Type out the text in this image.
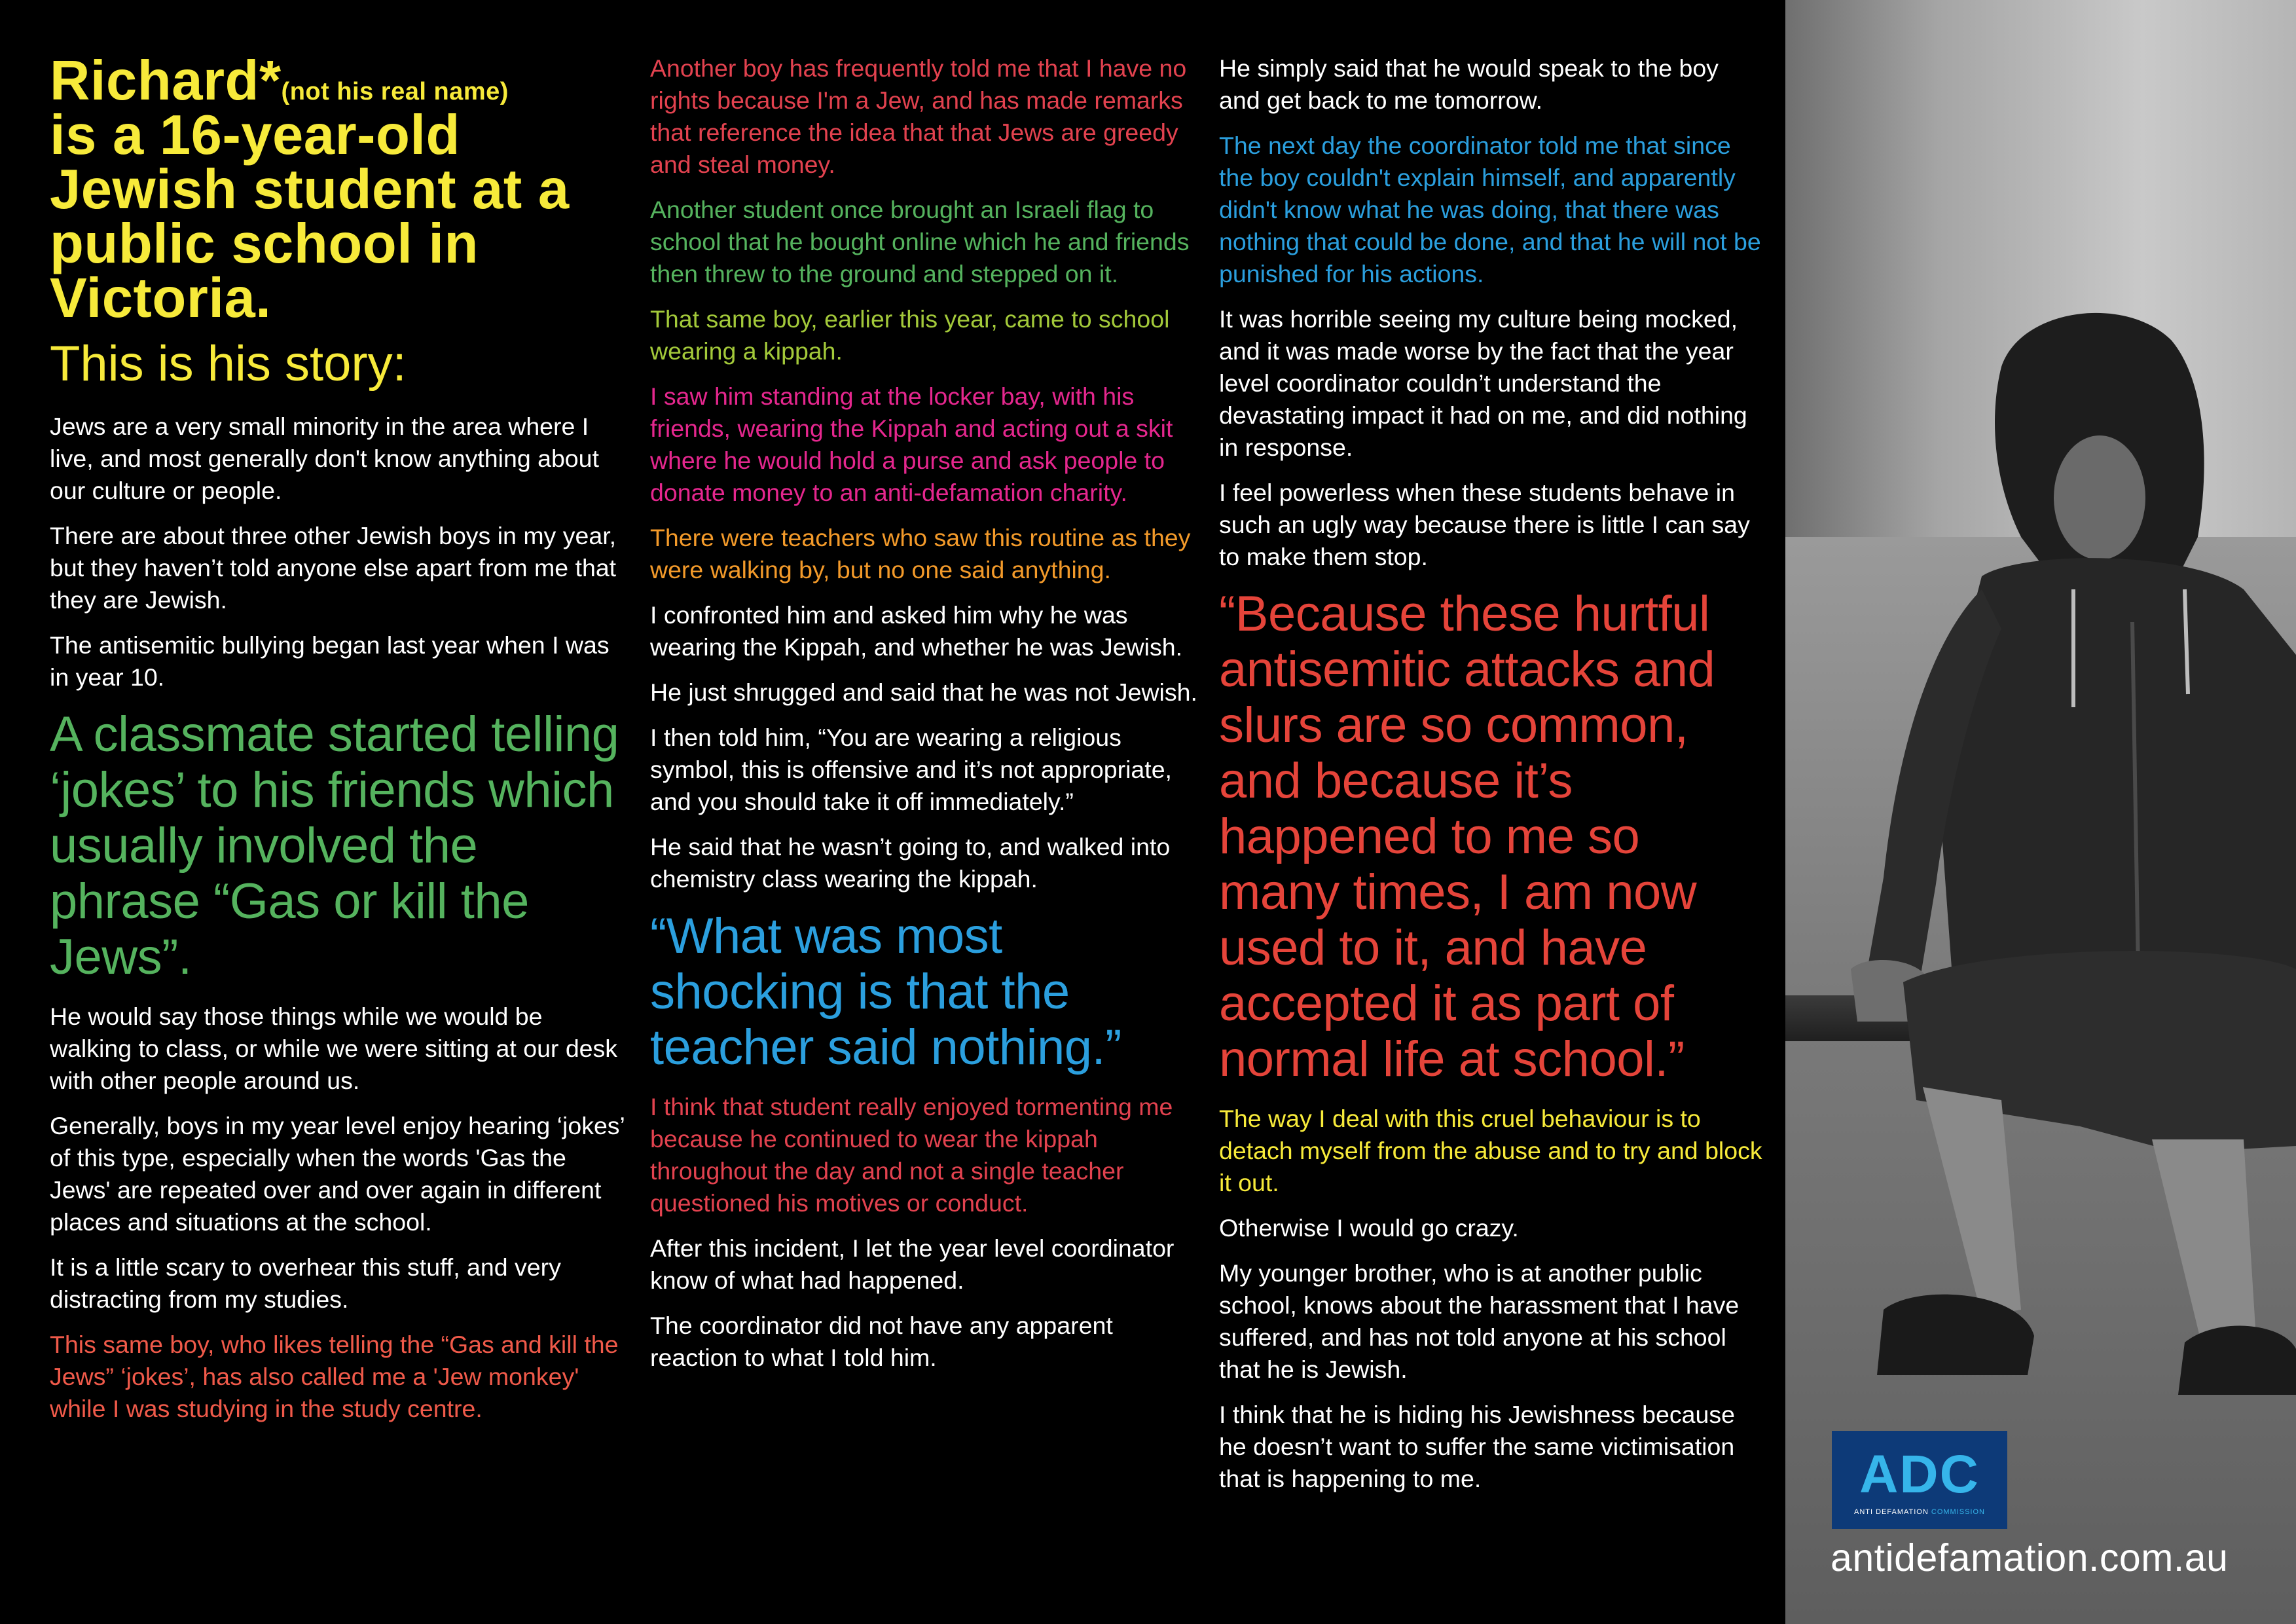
Richard*(not his real name)
is a 16-year-old Jewish student at a public school in Victoria.
This is his story:

Jews are a very small minority in the area where I live, and most generally don't know anything about our culture or people.

There are about three other Jewish boys in my year, but they haven’t told anyone else apart from me that they are Jewish.

The antisemitic bullying began last year when I was in year 10.

A classmate started telling ‘jokes’ to his friends which usually involved the phrase “Gas or kill the Jews”.

He would say those things while we would be walking to class, or while we were sitting at our desk with other people around us.

Generally, boys in my year level enjoy hearing ‘jokes’ of this type, especially when the words 'Gas the Jews' are repeated over and over again in different places and situations at the school.

It is a little scary to overhear this stuff, and very distracting from my studies.

This same boy, who likes telling the “Gas and kill the Jews” ‘jokes’, has also called me a 'Jew monkey' while I was studying in the study centre.

Another boy has frequently told me that I have no rights because I'm a Jew, and has made remarks that reference the idea that that Jews are greedy and steal money.

Another student once brought an Israeli flag to school that he bought online which he and friends then threw to the ground and stepped on it.

That same boy, earlier this year, came to school wearing a kippah.

I saw him standing at the locker bay, with his friends, wearing the Kippah and acting out a skit where he would hold a purse and ask people to donate money to an anti-defamation charity.

There were teachers who saw this routine as they were walking by, but no one said anything.

I confronted him and asked him why he was wearing the Kippah, and whether he was Jewish.

He just shrugged and said that he was not Jewish.

I then told him, “You are wearing a religious symbol, this is offensive and it’s not appropriate, and you should take it off immediately.”

He said that he wasn’t going to, and walked into chemistry class wearing the kippah.

“What was most shocking is that the teacher said nothing.”

I think that student really enjoyed tormenting me because he continued to wear the kippah throughout the day and not a single teacher questioned his motives or conduct.

After this incident, I let the year level coordinator know of what had happened.

The coordinator did not have any apparent reaction to what I told him.

He simply said that he would speak to the boy and get back to me tomorrow.

The next day the coordinator told me that since the boy couldn't explain himself, and apparently didn't know what he was doing, that there was nothing that could be done, and that he will not be punished for his actions.

It was horrible seeing my culture being mocked, and it was made worse by the fact that the year level coordinator couldn’t understand the devastating impact it had on me, and did nothing in response.

I feel powerless when these students behave in such an ugly way because there is little I can say to make them stop.

“Because these hurtful antisemitic attacks and slurs are so common, and because it’s happened to me so many times, I am now used to it, and have accepted it as part of normal life at school.”

The way I deal with this cruel behaviour is to detach myself from the abuse and to try and block it out.

Otherwise I would go crazy.

My younger brother, who is at another public school, knows about the harassment that I have suffered, and has not told anyone at his school that he is Jewish.

I think that he is hiding his Jewishness because he doesn’t want to suffer the same victimisation that is happening to me.	ADC
ANTI DEFAMATION COMMISSION
antidefamation.com.au
